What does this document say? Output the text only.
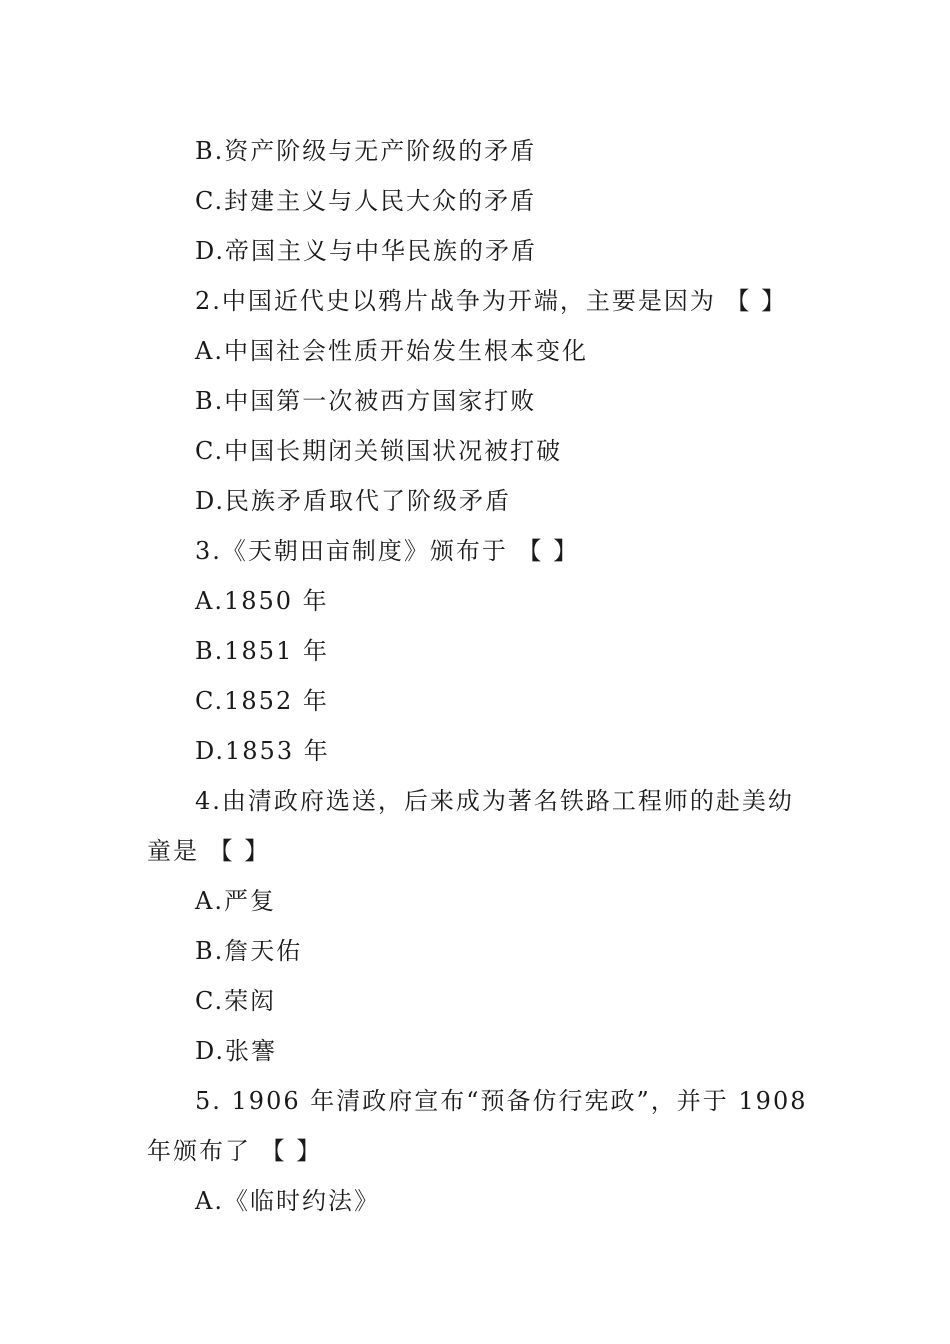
B.资产阶级与无产阶级的矛盾
C.封建主义与人民大众的矛盾
D.帝国主义与中华民族的矛盾
2.中国近代史以鸦片战争为开端，主要是因为 【 】
A.中国社会性质开始发生根本变化
B.中国第一次被西方国家打败
C.中国长期闭关锁国状况被打破
D.民族矛盾取代了阶级矛盾
3.《天朝田亩制度》颁布于 【 】
A.1850 年
B.1851 年
C.1852 年
D.1853 年
4.由清政府选送，后来成为著名铁路工程师的赴美幼
童是 【 】
A.严复
B.詹天佑
C.荣闳
D.张謇
5. 1906 年清政府宣布“预备仿行宪政”，并于 1908
年颁布了 【 】
A.《临时约法》
